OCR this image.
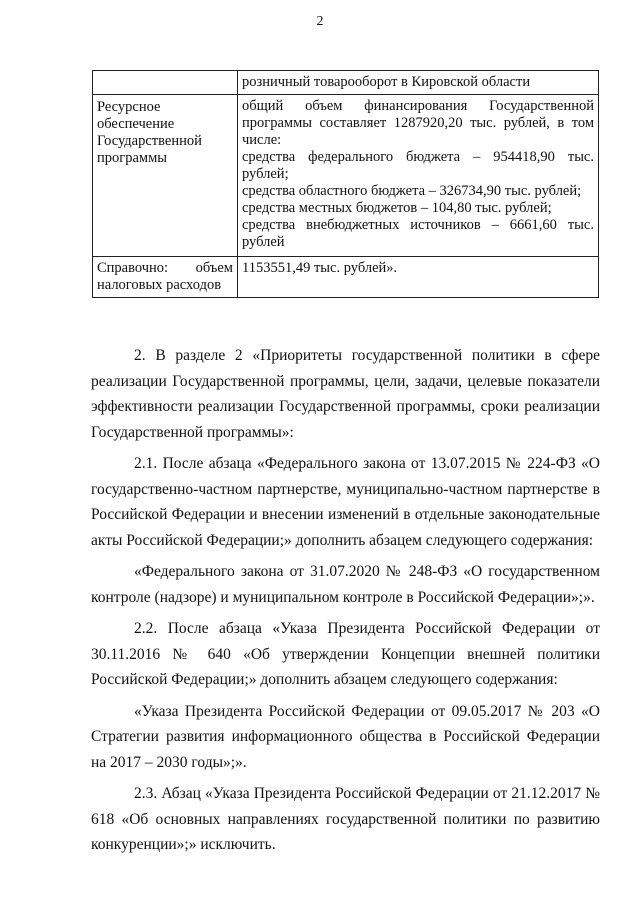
2
	розничный товарооборот в Кировской области
Ресурсное обеспечение Государственной программы	общий объем финансирования Государственной программы составляет 1287920,20 тыс. рублей, в том числе:
средства федерального бюджета – 954418,90 тыс. рублей;
средства областного бюджета – 326734,90 тыс. рублей;
средства местных бюджетов – 104,80 тыс. рублей;
средства внебюджетных источников – 6661,60 тыс. рублей

Справочно: объем
налоговых расходов	1153551,49 тыс. рублей».

2. В разделе 2 «Приоритеты государственной политики в сфере реализации Государственной программы, цели, задачи, целевые показатели эффективности реализации Государственной программы, сроки реализации Государственной программы»:

2.1. После абзаца «Федерального закона от 13.07.2015 № 224-ФЗ «О государственно-частном партнерстве, муниципально-частном партнерстве в Российской Федерации и внесении изменений в отдельные законодательные акты Российской Федерации;» дополнить абзацем следующего содержания:

«Федерального закона от 31.07.2020 № 248-ФЗ «О государственном контроле (надзоре) и муниципальном контроле в Российской Федерации»;».

2.2. После абзаца «Указа Президента Российской Федерации от 30.11.2016 № 640 «Об утверждении Концепции внешней политики Российской Федерации;» дополнить абзацем следующего содержания:

«Указа Президента Российской Федерации от 09.05.2017 № 203 «О Стратегии развития информационного общества в Российской Федерации на 2017 – 2030 годы»;».

2.3. Абзац «Указа Президента Российской Федерации от 21.12.2017 № 618 «Об основных направлениях государственной политики по развитию конкуренции»;» исключить.
